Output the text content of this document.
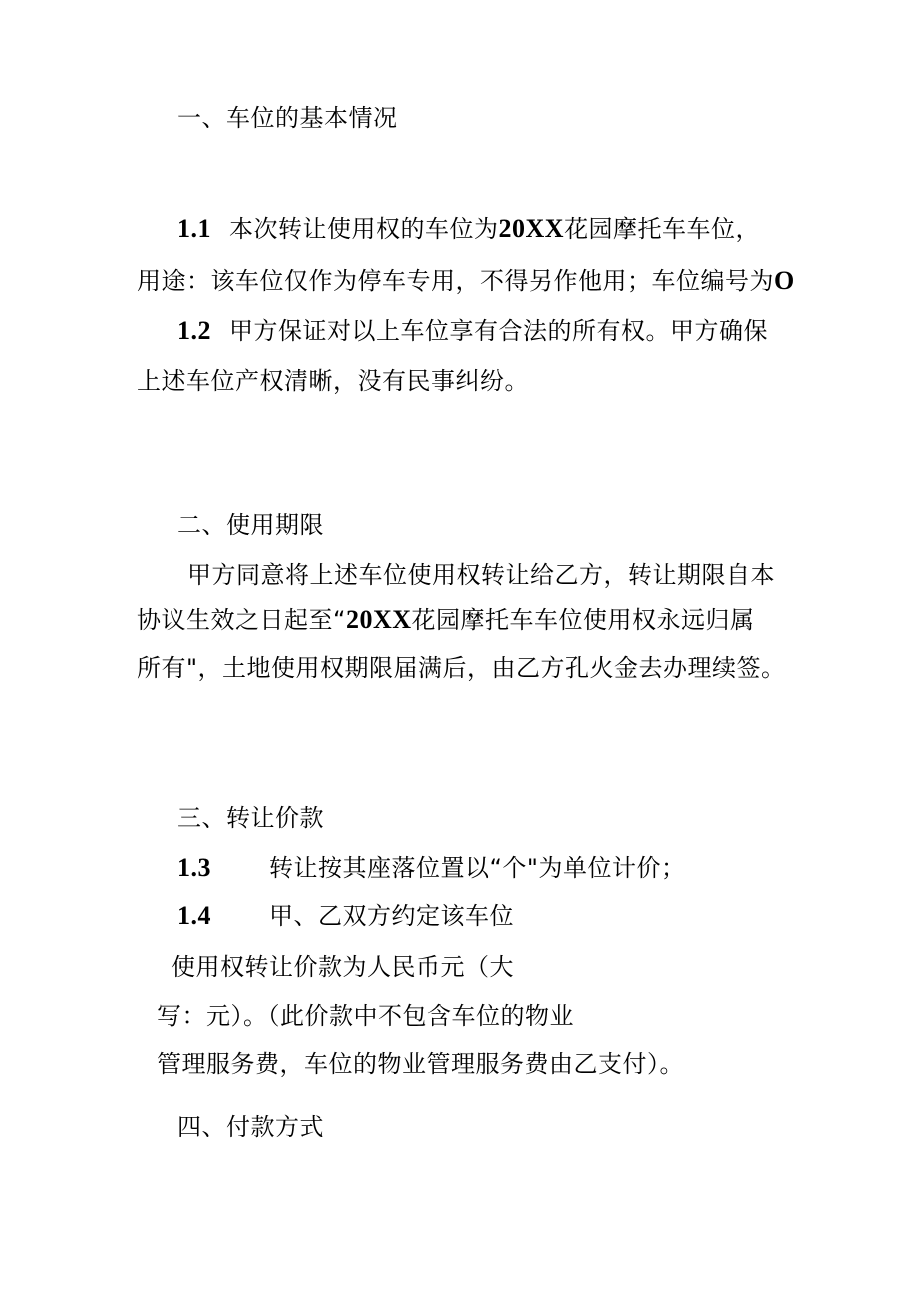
一、车位的基本情况
1.1 本次转让使用权的车位为20XX花园摩托车车位，
用途：该车位仅作为停车专用，不得另作他用；车位编号为O
1.2 甲方保证对以上车位享有合法的所有权。甲方确保
上述车位产权清晰，没有民事纠纷。
二、使用期限
甲方同意将上述车位使用权转让给乙方，转让期限自本
协议生效之日起至“20XX花园摩托车车位使用权永远归属
所有"，土地使用权期限届满后，由乙方孔火金去办理续签。
三、转让价款
1.3 转让按其座落位置以“个"为单位计价；
1.4 甲、乙双方约定该车位
使用权转让价款为人民币元（大
写：元）。（此价款中不包含车位的物业
管理服务费，车位的物业管理服务费由乙支付）。
四、付款方式
